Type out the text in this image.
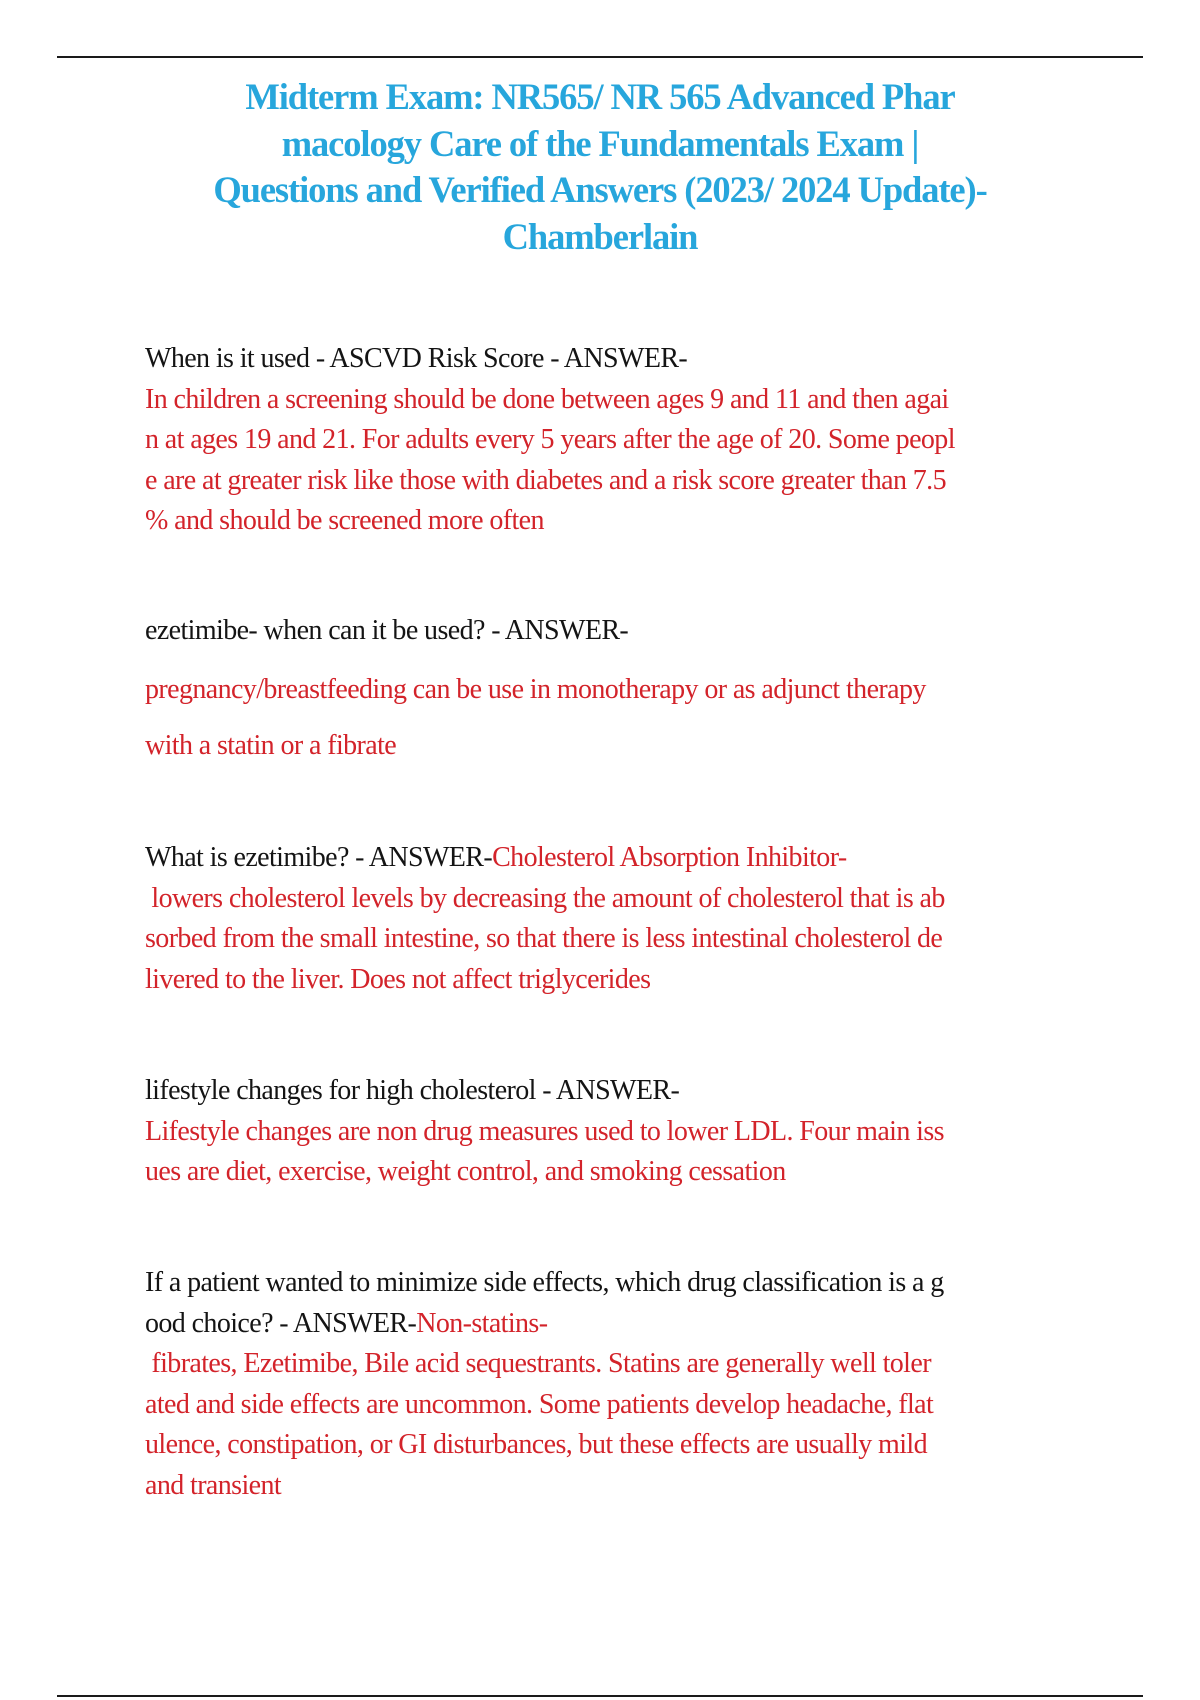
Midterm Exam: NR565/ NR 565 Advanced Phar
macology Care of the Fundamentals Exam |
Questions and Verified Answers (2023/ 2024 Update)-
Chamberlain
When is it used - ASCVD Risk Score - ANSWER-
In children a screening should be done between ages 9 and 11 and then agai
n at ages 19 and 21. For adults every 5 years after the age of 20. Some peopl
e are at greater risk like those with diabetes and a risk score greater than 7.5
% and should be screened more often
ezetimibe- when can it be used? - ANSWER-
pregnancy/breastfeeding can be use in monotherapy or as adjunct therapy
with a statin or a fibrate
What is ezetimibe? - ANSWER-Cholesterol Absorption Inhibitor-
lowers cholesterol levels by decreasing the amount of cholesterol that is ab
sorbed from the small intestine, so that there is less intestinal cholesterol de
livered to the liver. Does not affect triglycerides
lifestyle changes for high cholesterol - ANSWER-
Lifestyle changes are non drug measures used to lower LDL. Four main iss
ues are diet, exercise, weight control, and smoking cessation
If a patient wanted to minimize side effects, which drug classification is a g
ood choice? - ANSWER-Non-statins-
fibrates, Ezetimibe, Bile acid sequestrants. Statins are generally well toler
ated and side effects are uncommon. Some patients develop headache, flat
ulence, constipation, or GI disturbances, but these effects are usually mild
and transient
